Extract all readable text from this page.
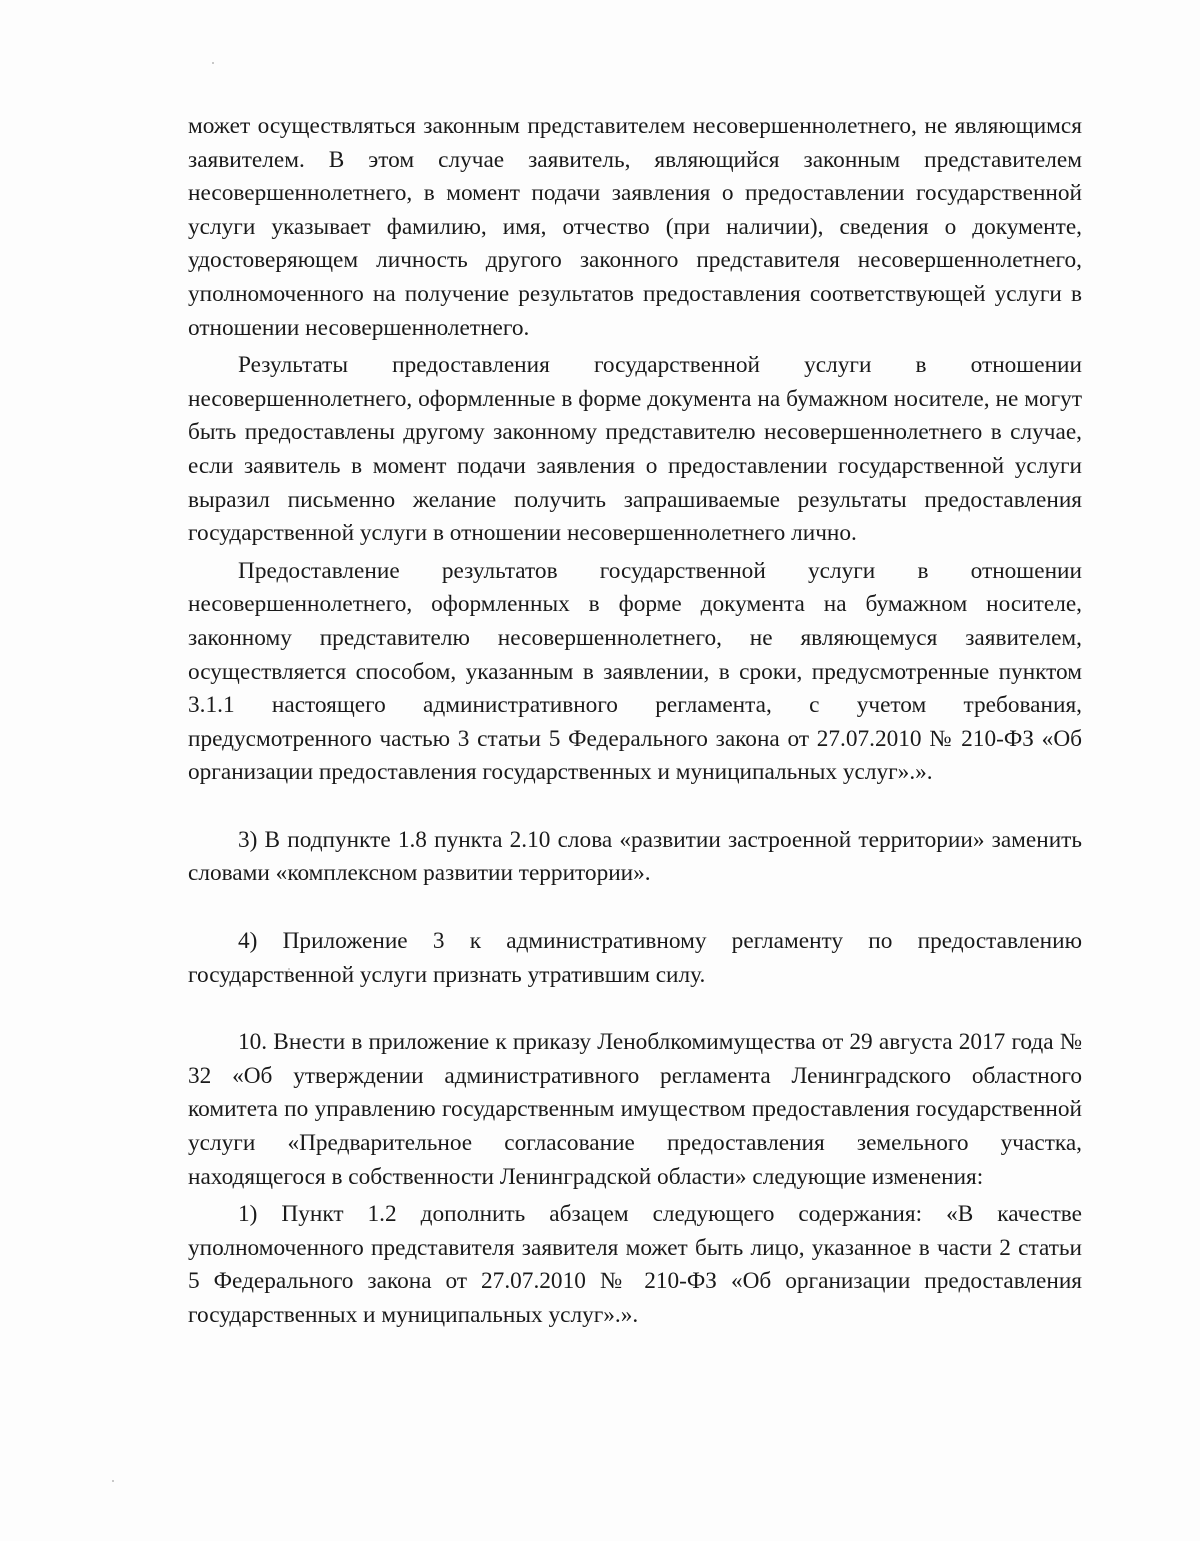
может осуществляться законным представителем несовершеннолетнего, не являющимся заявителем. В этом случае заявитель, являющийся законным представителем несовершеннолетнего, в момент подачи заявления о предоставлении государственной услуги указывает фамилию, имя, отчество (при наличии), сведения о документе, удостоверяющем личность другого законного представителя несовершеннолетнего, уполномоченного на получение результатов предоставления соответствующей услуги в отношении несовершеннолетнего.

Результаты предоставления государственной услуги в отношении несовершеннолетнего, оформленные в форме документа на бумажном носителе, не могут быть предоставлены другому законному представителю несовершеннолетнего в случае, если заявитель в момент подачи заявления о предоставлении государственной услуги выразил письменно желание получить запрашиваемые результаты предоставления государственной услуги в отношении несовершеннолетнего лично.

Предоставление результатов государственной услуги в отношении несовершеннолетнего, оформленных в форме документа на бумажном носителе, законному представителю несовершеннолетнего, не являющемуся заявителем, осуществляется способом, указанным в заявлении, в сроки, предусмотренные пунктом 3.1.1 настоящего административного регламента, с учетом требования, предусмотренного частью 3 статьи 5 Федерального закона от 27.07.2010 № 210-ФЗ «Об организации предоставления государственных и муниципальных услуг».».

3) В подпункте 1.8 пункта 2.10 слова «развитии застроенной территории» заменить словами «комплексном развитии территории».

4) Приложение 3 к административному регламенту по предоставлению государственной услуги признать утратившим силу.

10. Внести в приложение к приказу Леноблкомимущества от 29 августа 2017 года № 32 «Об утверждении административного регламента Ленинградского областного комитета по управлению государственным имуществом предоставления государственной услуги «Предварительное согласование предоставления земельного участка, находящегося в собственности Ленинградской области» следующие изменения:

1) Пункт 1.2 дополнить абзацем следующего содержания: «В качестве уполномоченного представителя заявителя может быть лицо, указанное в части 2 статьи 5 Федерального закона от 27.07.2010 № 210-ФЗ «Об организации предоставления государственных и муниципальных услуг».».
